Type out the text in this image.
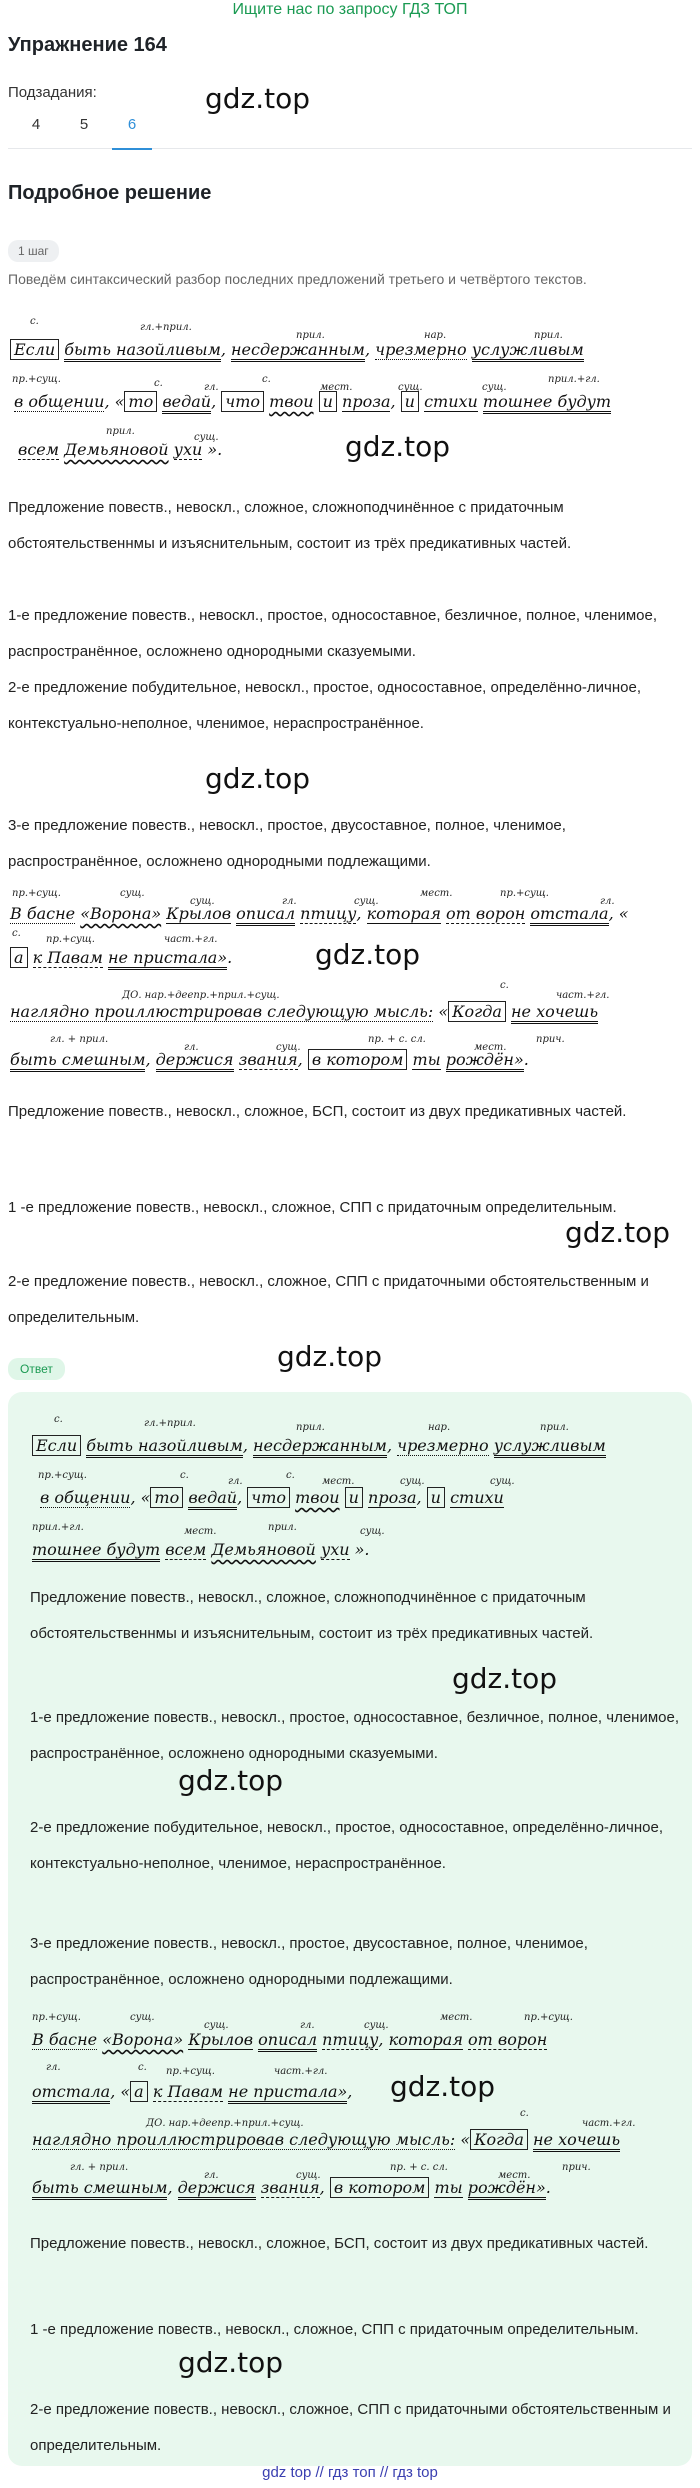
Ищите нас по запросу ГДЗ ТОП
Упражнение 164
Подзадания:
4	5	6
gdz.top
Подробное решение
1 шаг
Поведём синтаксический разбор последних предложений третьего и четвёртого текстов.
с.
гл.+прил.
прил.	нар.	прил.
Если быть назойливым, несдержанным, чрезмерно услужливым
пр.+сущ.	с.	гл.
с.
мест.	сущ.	сущ.
прил.+гл.
в общении, « то ведай, что твои и проза, и стихи тошнее будут
прил.
сущ.
всем Демьяновой ухи ».	gdz.top
Предложение повеств., невоскл., сложное, сложноподчинённое с придаточным обстоятельственнмы и изъяснительным, состоит из трёх предикативных частей.
1-е предложение повеств., невоскл., простое, односоставное, безличное, полное, членимое, распространённое, осложнено однородными сказуемыми.
2-е предложение побудительное, невоскл., простое, односоставное, определённо-личное, контекстуально-неполное, членимое, нераспространённое.
gdz.top
3-е предложение повеств., невоскл., простое, двусоставное, полное, членимое, распространённое, осложнено однородными подлежащими.
пр.+сущ.	сущ.
сущ.	гл.	сущ.
мест.	пр.+сущ.
гл.
В басне «Ворона» Крылов описал птицу, которая от ворон отстала, «
с.
пр.+сущ.	част.+гл.
а к Павам не пристала».	gdz.top
с.
ДО. нар.+деепр.+прил.+сущ.	част.+гл.
наглядно проиллюстрировав следующую мысль: « Когда не хочешь
гл. + прил.
гл.	сущ.
пр. + с. сл.
мест.
прич.
быть смешным, держися звания, в котором ты рождён».
Предложение повеств., невоскл., сложное, БСП, состоит из двух предикативных частей.
gdz.top
1 -е предложение повеств., невоскл., сложное, СПП с придаточным определительным.
2-е предложение повеств., невоскл., сложное, СПП с придаточными обстоятельственным и определительным.
Ответ	gdz.top
с.	гл.+прил.	прил.	нар.	прил.
Если быть назойливым, несдержанным, чрезмерно услужливым
пр.+сущ.	с.
гл.
с.
мест.	сущ.	сущ.
в общении, « то ведай, что твои и проза, и стихи
прил.+гл.	мест.	прил.	сущ.
тошнее будут всем Демьяновой ухи ».
Предложение повеств., невоскл., сложное, сложноподчинённое с придаточным обстоятельственнмы и изъяснительным, состоит из трёх предикативных частей.
gdz.top
1-е предложение повеств., невоскл., простое, односоставное, безличное, полное, членимое, распространённое, осложнено однородными сказуемыми.
gdz.top
2-е предложение побудительное, невоскл., простое, односоставное, определённо-личное, контекстуально-неполное, членимое, нераспространённое.
3-е предложение повеств., невоскл., простое, двусоставное, полное, членимое, распространённое, осложнено однородными подлежащими.
пр.+сущ.	сущ.
сущ.	гл.	сущ.
мест.	пр.+сущ.
В басне «Ворона» Крылов описал птицу, которая от ворон
гл.	с. пр.+сущ.	част.+гл.
отстала, « а к Павам не пристала», gdz.top
с.
ДО. нар.+деепр.+прил.+сущ.	част.+гл.
наглядно проиллюстрировав следующую мысль: « Когда не хочешь
гл. + прил.
гл.	сущ.
пр. + с. сл.
мест.
прич.
быть смешным, держися звания, в котором ты рождён».
Предложение повеств., невоскл., сложное, БСП, состоит из двух предикативных частей.
1 -е предложение повеств., невоскл., сложное, СПП с придаточным определительным.
gdz.top
2-е предложение повеств., невоскл., сложное, СПП с придаточными обстоятельственным и определительным.
gdz top // гдз топ // гдз top
